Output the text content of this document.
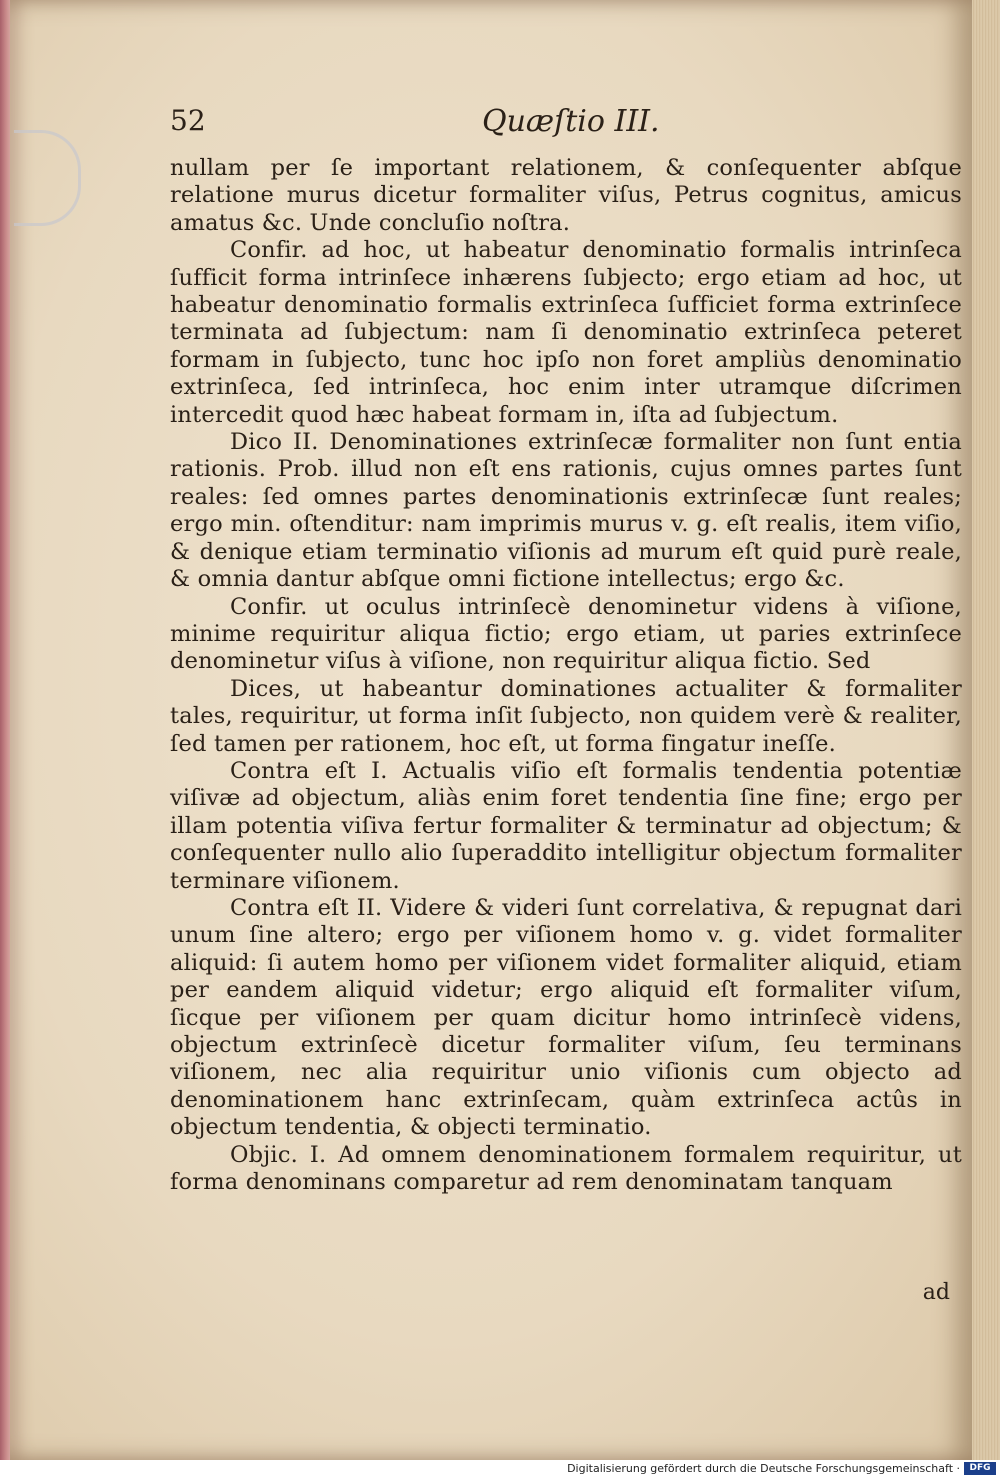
52	Quæſtio III.

nullam per ſe important relationem, & conſequenter abſque relatione murus dicetur formaliter viſus, Petrus cognitus, amicus amatus &c. Unde concluſio noſtra.

Confir. ad hoc, ut habeatur denominatio formalis intrinſeca ſufficit forma intrinſece inhærens ſubjecto; ergo etiam ad hoc, ut habeatur denominatio formalis extrinſeca ſufficiet forma extrinſece terminata ad ſubjectum: nam ſi denominatio extrinſeca peteret formam in ſubjecto, tunc hoc ipſo non foret ampliùs denominatio extrinſeca, ſed intrinſeca, hoc enim inter utramque diſcrimen intercedit quod hæc habeat formam in, iſta ad ſubjectum.

Dico II. Denominationes extrinſecæ formaliter non ſunt entia rationis. Prob. illud non eſt ens rationis, cujus omnes partes ſunt reales: ſed omnes partes denominationis extrinſecæ ſunt reales; ergo min. oſtenditur: nam imprimis murus v. g. eſt realis, item viſio, & denique etiam terminatio viſionis ad murum eſt quid purè reale, & omnia dantur abſque omni fictione intellectus; ergo &c.

Confir. ut oculus intrinſecè denominetur videns à viſione, minime requiritur aliqua fictio; ergo etiam, ut paries extrinſece denominetur viſus à viſione, non requiritur aliqua fictio. Sed

Dices, ut habeantur dominationes actualiter & formaliter tales, requiritur, ut forma inſit ſubjecto, non quidem verè & realiter, ſed tamen per rationem, hoc eſt, ut forma fingatur ineſſe.

Contra eſt I. Actualis viſio eſt formalis tendentia potentiæ viſivæ ad objectum, aliàs enim foret tendentia ſine fine; ergo per illam potentia viſiva fertur formaliter & terminatur ad objectum; & conſequenter nullo alio ſuperaddito intelligitur objectum formaliter terminare viſionem.

Contra eſt II. Videre & videri ſunt correlativa, & repugnat dari unum ſine altero; ergo per viſionem homo v. g. videt formaliter aliquid: ſi autem homo per viſionem videt formaliter aliquid, etiam per eandem aliquid videtur; ergo aliquid eſt formaliter viſum, ſicque per viſionem per quam dicitur homo intrinſecè videns, objectum extrinſecè dicetur formaliter viſum, ſeu terminans viſionem, nec alia requiritur unio viſionis cum objecto ad denominationem hanc extrinſecam, quàm extrinſeca actûs in objectum tendentia, & objecti terminatio.

Objic. I. Ad omnem denominationem formalem requiritur, ut forma denominans comparetur ad rem denominatam tanquam

ad
Digitalisierung gefördert durch die Deutsche Forschungsgemeinschaft ·	DFG
